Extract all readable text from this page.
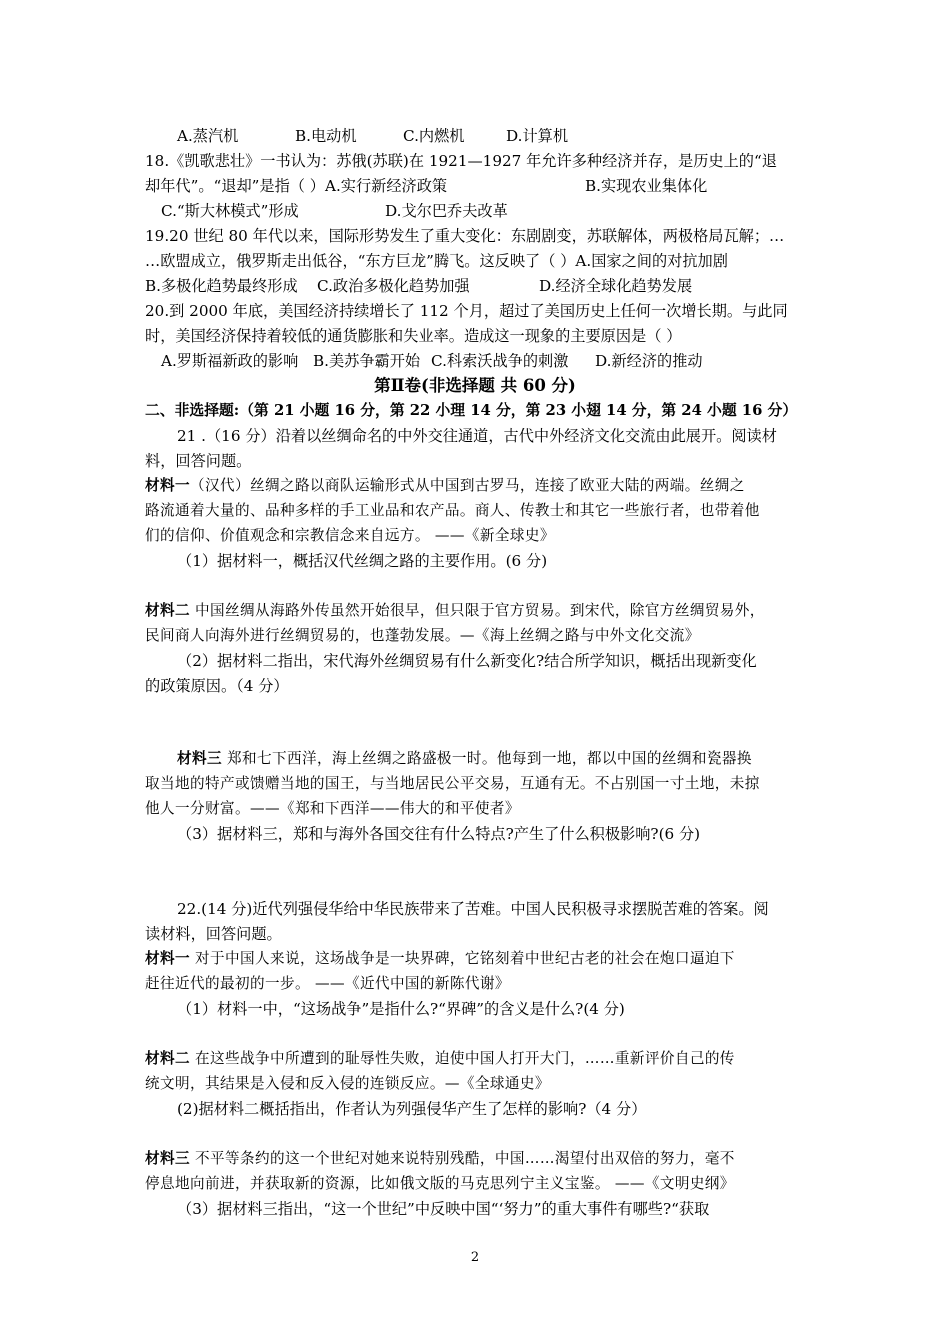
A.蒸汽机	B.电动机	C.内燃机	D.计算机
18.《凯歌悲壮》一书认为：苏俄(苏联)在 1921—1927 年允许多种经济并存，是历史上的“退
却年代”。“退却”是指（ ）A.实行新经济政策	B.实现农业集体化
C.“斯大林模式”形成	D.戈尔巴乔夫改革
19.20 世纪 80 年代以来，国际形势发生了重大变化：东剧剧变，苏联解体，两极格局瓦解；…
…欧盟成立，俄罗斯走出低谷，“东方巨龙”腾飞。这反映了（ ）A.国家之间的对抗加剧
B.多极化趋势最终形成 C.政治多极化趋势加强	D.经济全球化趋势发展
20.到 2000 年底，美国经济持续增长了 112 个月，超过了美国历史上任何一次增长期。与此同
时，美国经济保持着较低的通货膨胀和失业率。造成这一现象的主要原因是（ ）
A.罗斯福新政的影响 B.美苏争霸开始 C.科索沃战争的刺激 D.新经济的推动
第Ⅱ卷(非选择题 共 60 分)
二、非选择题:（第 21 小题 16 分，第 22 小理 14 分，第 23 小翅 14 分，第 24 小题 16 分）
21 .（16 分）沿着以丝绸命名的中外交往通道，古代中外经济文化交流由此展开。阅读材
料，回答问题。
材料一（汉代）丝绸之路以商队运输形式从中国到古罗马，连接了欧亚大陆的两端。丝绸之
路流通着大量的、品种多样的手工业品和农产品。商人、传教士和其它一些旅行者，也带着他
们的信仰、价值观念和宗教信念来自远方。 ——《新全球史》
（1）据材料一，概括汉代丝绸之路的主要作用。(6 分)
材料二 中国丝绸从海路外传虽然开始很早，但只限于官方贸易。到宋代，除官方丝绸贸易外，
民间商人向海外进行丝绸贸易的，也蓬勃发展。—《海上丝绸之路与中外文化交流》
（2）据材料二指出，宋代海外丝绸贸易有什么新变化?结合所学知识，概括出现新变化
的政策原因。（4 分）
材料三 郑和七下西洋，海上丝绸之路盛极一时。他每到一地，都以中国的丝绸和瓷器换
取当地的特产或馈赠当地的国王，与当地居民公平交易，互通有无。不占别国一寸土地，未掠
他人一分财富。——《郑和下西洋——伟大的和平使者》
（3）据材料三，郑和与海外各国交往有什么特点?产生了什么积极影响?(6 分)
22.(14 分)近代列强侵华给中华民族带来了苦难。中国人民积极寻求摆脱苦难的答案。阅
读材料，回答问题。
材料一 对于中国人来说，这场战争是一块界碑，它铭刻着中世纪古老的社会在炮口逼迫下
赶往近代的最初的一步。 ——《近代中国的新陈代谢》
（1）材料一中，“这场战争”是指什么?“界碑”的含义是什么?(4 分)
材料二 在这些战争中所遭到的耻辱性失败，迫使中国人打开大门，……重新评价自己的传
统文明，其结果是入侵和反入侵的连锁反应。—《全球通史》
(2)据材料二概括指出，作者认为列强侵华产生了怎样的影响?（4 分）
材料三 不平等条约的这一个世纪对她来说特别残酷，中国……渴望付出双倍的努力，毫不
停息地向前进，并获取新的资源，比如俄文版的马克思列宁主义宝鉴。 ——《文明史纲》
（3）据材料三指出，“这一个世纪”中反映中国“‘努力”的重大事件有哪些?“获取
2
